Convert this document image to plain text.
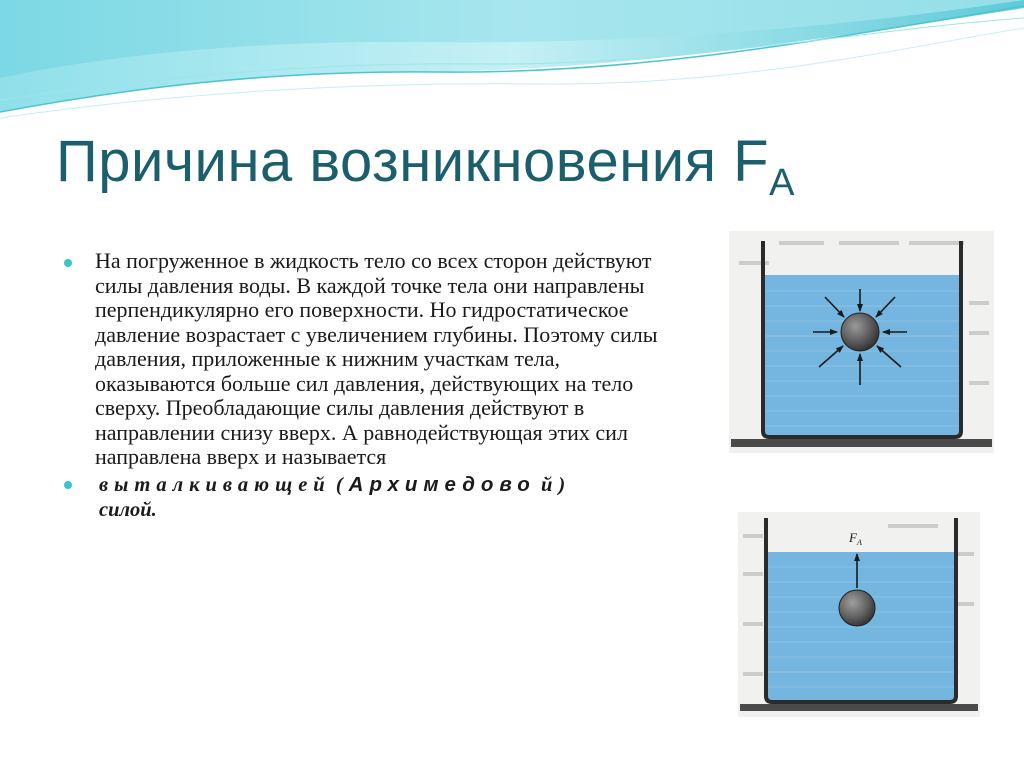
Причина возникновения $F_A$
На погруженное в жидкость тело со всех сторон действуют силы давления воды. В каждой точке тела они направлены перпендикулярно его поверхности. Но гидростатическое давление возрастает с увеличением глубины. Поэтому силы давления, приложенные к нижним участкам тела, оказываются больше сил давления, действующих на тело сверху. Преобладающие силы давления действуют в направлении снизу вверх. А равнодействующая этих сил направлена вверх и называется
выталкивающей (Архимедово й)
силой.
$F_A$
